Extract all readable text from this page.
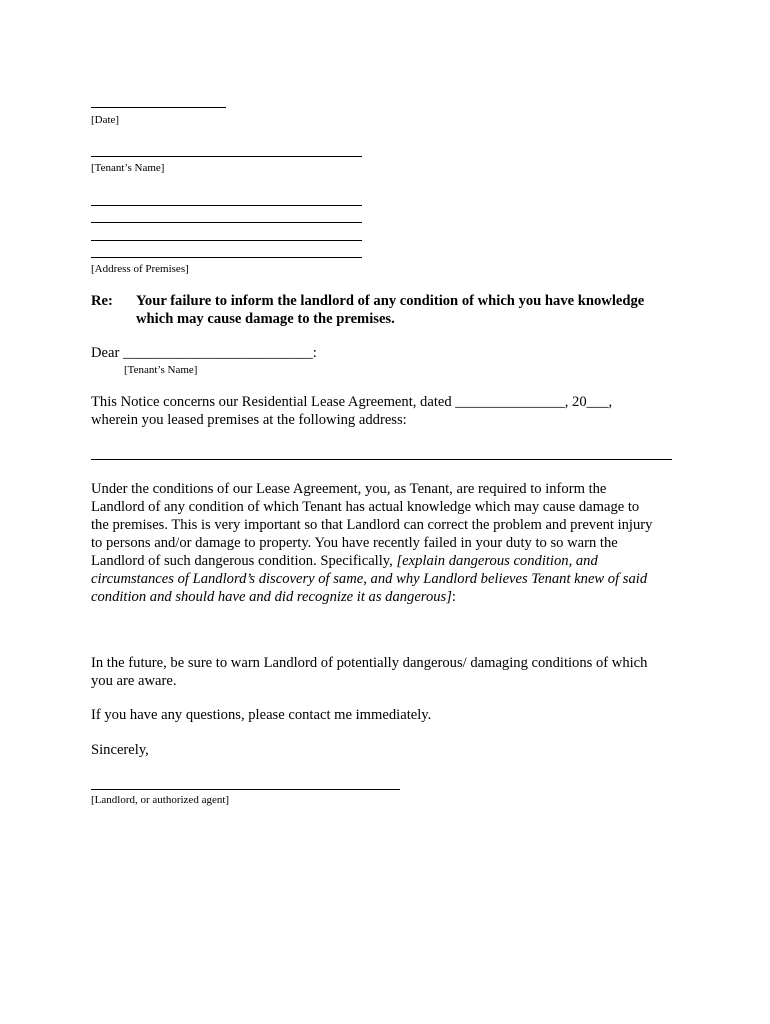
[Date]
[Tenant’s Name]
[Address of Premises]
Re: Your failure to inform the landlord of any condition of which you have knowledge
which may cause damage to the premises.
Dear __________________________:
[Tenant’s Name]
This Notice concerns our Residential Lease Agreement, dated _______________, 20___,
wherein you leased premises at the following address:

Under the conditions of our Lease Agreement, you, as Tenant, are required to inform the

Landlord of any condition of which Tenant has actual knowledge which may cause damage to

the premises. This is very important so that Landlord can correct the problem and prevent injury

to persons and/or damage to property. You have recently failed in your duty to so warn the

Landlord of such dangerous condition. Specifically, [explain dangerous condition, and

circumstances of Landlord’s discovery of same, and why Landlord believes Tenant knew of said

condition and should have and did recognize it as dangerous]:

In the future, be sure to warn Landlord of potentially dangerous/ damaging conditions of which

you are aware.

If you have any questions, please contact me immediately.
Sincerely,
[Landlord, or authorized agent]
